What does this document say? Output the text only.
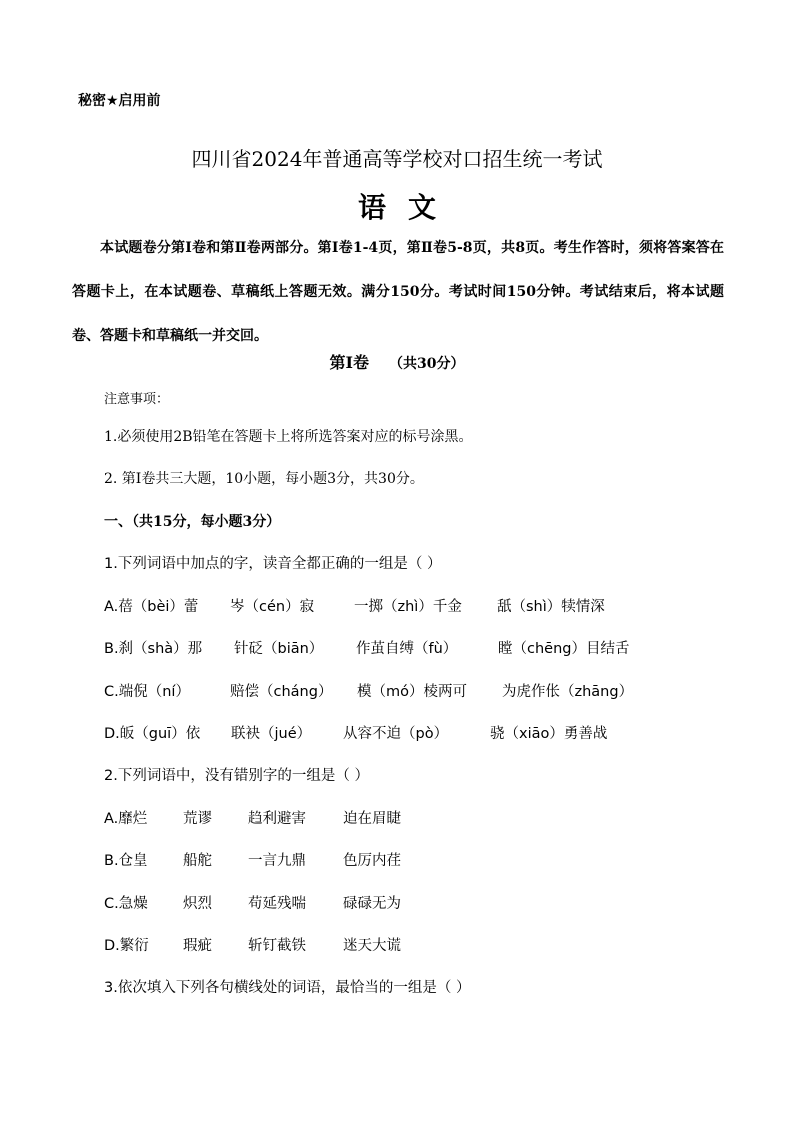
秘密★启用前
四川省2024年普通高等学校对口招生统一考试
语文
本试题卷分第Ⅰ卷和第Ⅱ卷两部分。第Ⅰ卷1-4页，第Ⅱ卷5-8页，共8页。考生作答时，须将答案答在答题卡上，在本试题卷、草稿纸上答题无效。满分150分。考试时间150分钟。考试结束后，将本试题卷、答题卡和草稿纸一并交回。
第Ⅰ卷 （共30分）
注意事项：
1.必须使用2B铅笔在答题卡上将所选答案对应的标号涂黑。
2. 第Ⅰ卷共三大题，10小题，每小题3分，共30分。
一、（共15分，每小题3分）
1.下列词语中加点的字，读音全都正确的一组是（ ）
A.蓓（bèi）蕾 岑（cén）寂	一掷（zhì）千金 舐（shì）犊情深
B.刹（shà）那 针砭（biān） 作茧自缚（fù）	瞠（chēng）目结舌
C.端倪（ní）	赔偿（cháng） 模（mó）棱两可 为虎作伥（zhāng）
D.皈（guī）依 联袂（jué） 从容不迫（pò）	骁（xiāo）勇善战
2.下列词语中，没有错别字的一组是（ ）
A.靡烂 荒谬 趋利避害	迫在眉睫
B.仓皇 船舵 一言九鼎	色厉内荏
C.急燥 炽烈 苟延残喘	碌碌无为
D.繁衍 瑕疵 斩钉截铁	迷天大谎
3.依次填入下列各句横线处的词语，最恰当的一组是（ ）
